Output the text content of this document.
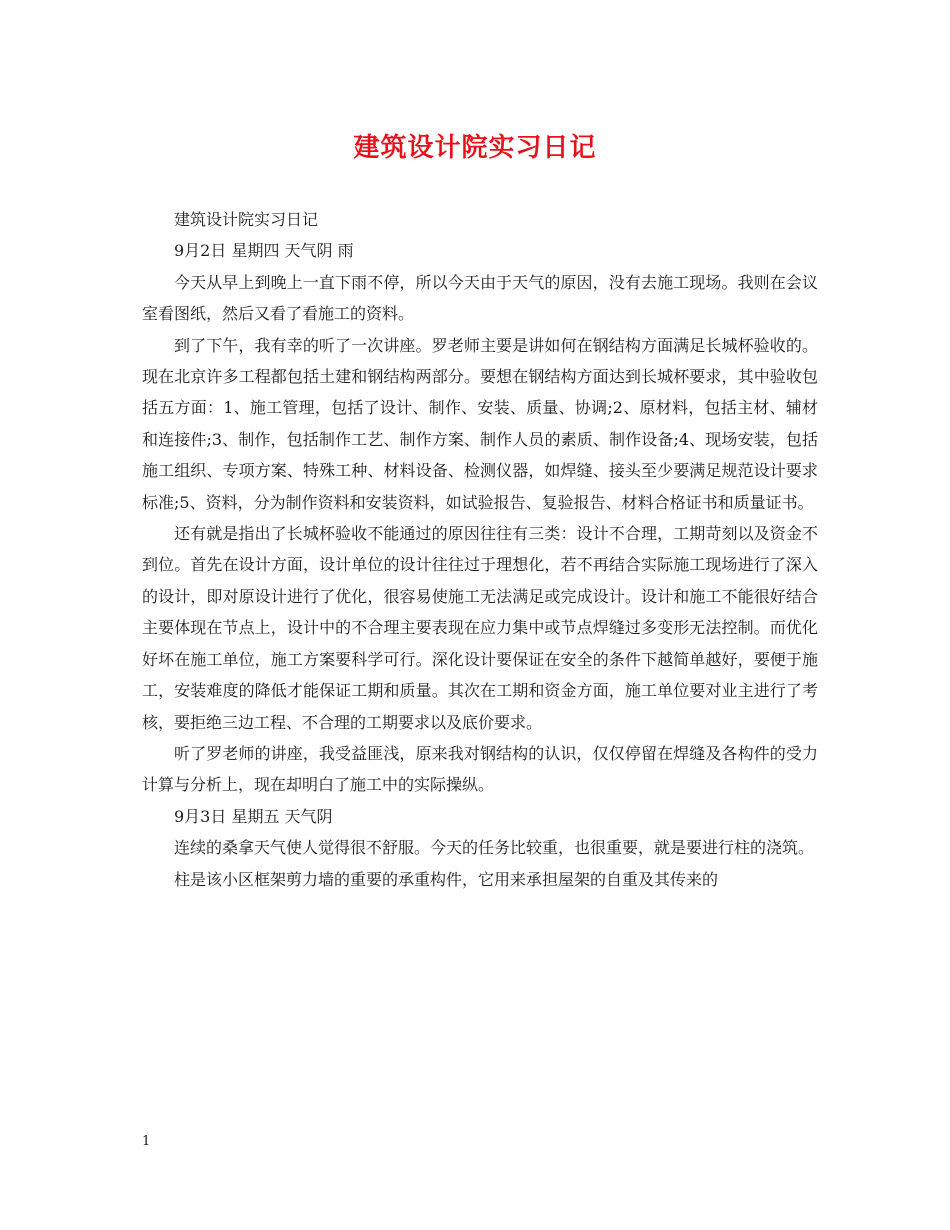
建筑设计院实习日记

建筑设计院实习日记

9月2日 星期四 天气阴 雨

今天从早上到晚上一直下雨不停，所以今天由于天气的原因，没有去施工现场。我则在会议室看图纸，然后又看了看施工的资料。

到了下午，我有幸的听了一次讲座。罗老师主要是讲如何在钢结构方面满足长城杯验收的。现在北京许多工程都包括土建和钢结构两部分。要想在钢结构方面达到长城杯要求，其中验收包括五方面：1、施工管理，包括了设计、制作、安装、质量、协调;2、原材料，包括主材、辅材和连接件;3、制作，包括制作工艺、制作方案、制作人员的素质、制作设备;4、现场安装，包括施工组织、专项方案、特殊工种、材料设备、检测仪器，如焊缝、接头至少要满足规范设计要求标准;5、资料，分为制作资料和安装资料，如试验报告、复验报告、材料合格证书和质量证书。

还有就是指出了长城杯验收不能通过的原因往往有三类：设计不合理，工期苛刻以及资金不到位。首先在设计方面，设计单位的设计往往过于理想化，若不再结合实际施工现场进行了深入的设计，即对原设计进行了优化，很容易使施工无法满足或完成设计。设计和施工不能很好结合主要体现在节点上，设计中的不合理主要表现在应力集中或节点焊缝过多变形无法控制。而优化好坏在施工单位，施工方案要科学可行。深化设计要保证在安全的条件下越简单越好，要便于施工，安装难度的降低才能保证工期和质量。其次在工期和资金方面，施工单位要对业主进行了考核，要拒绝三边工程、不合理的工期要求以及底价要求。

听了罗老师的讲座，我受益匪浅，原来我对钢结构的认识，仅仅停留在焊缝及各构件的受力计算与分析上，现在却明白了施工中的实际操纵。

9月3日 星期五 天气阴

连续的桑拿天气使人觉得很不舒服。今天的任务比较重，也很重要，就是要进行柱的浇筑。

柱是该小区框架剪力墙的重要的承重构件，它用来承担屋架的自重及其传来的

1
